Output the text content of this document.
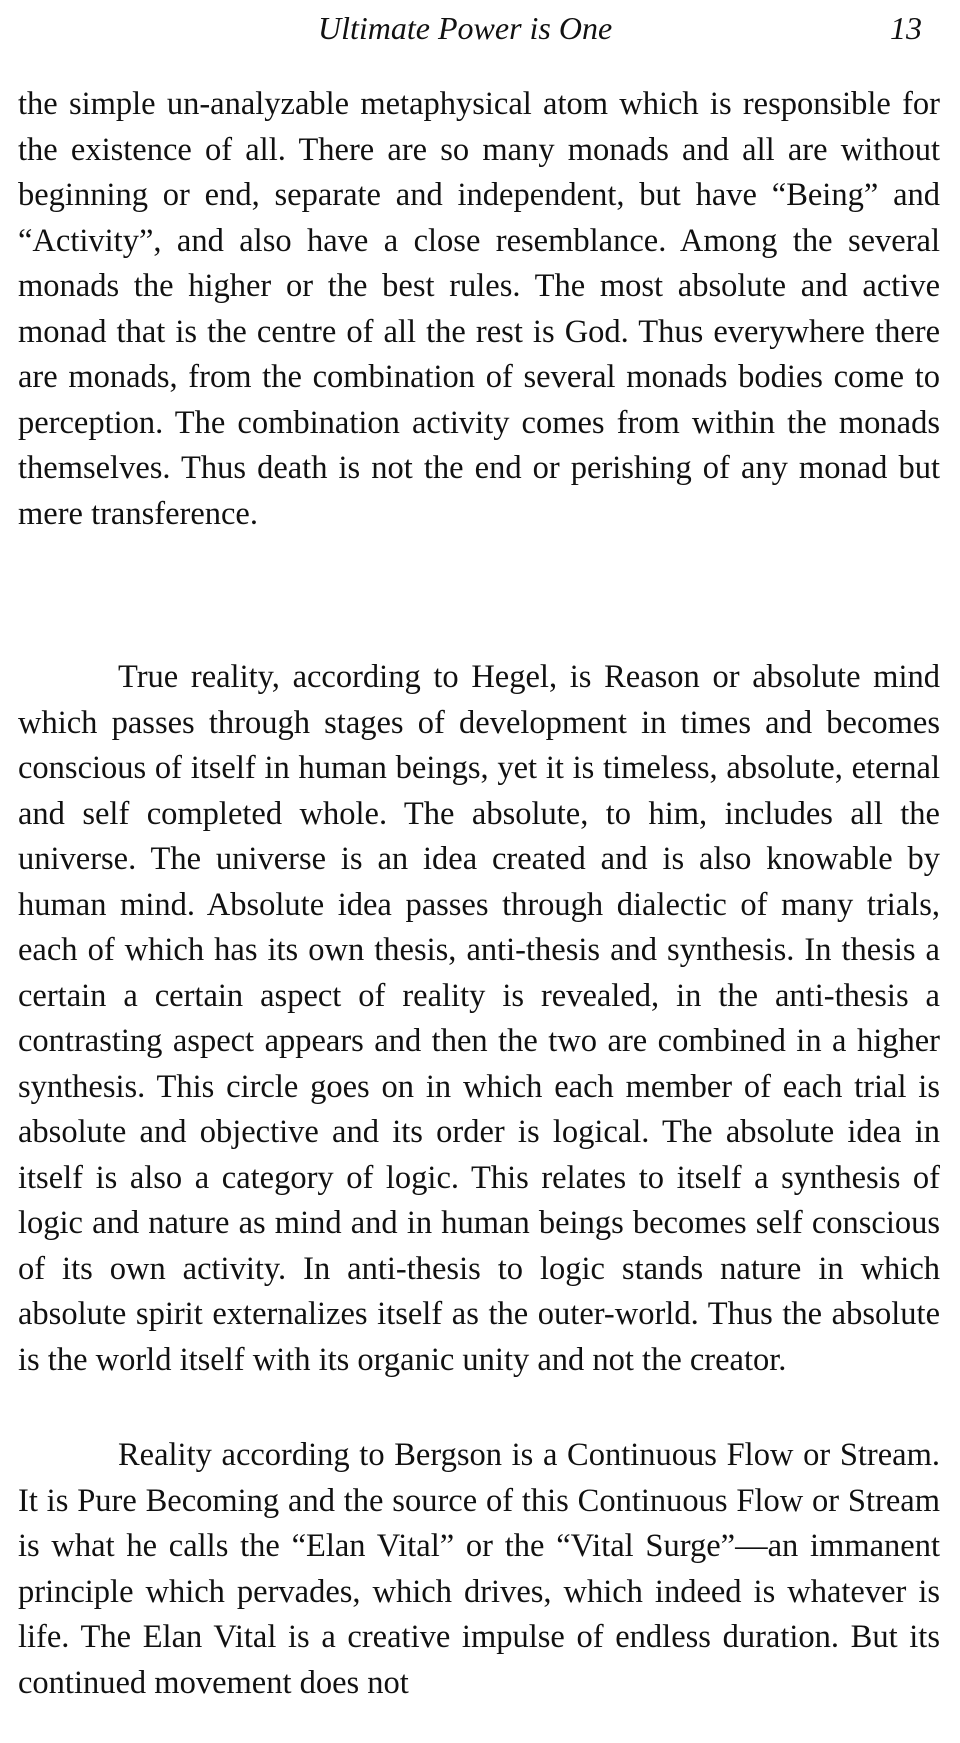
Ultimate Power is One	13

the simple un-analyzable metaphysical atom which is responsible for the existence of all. There are so many monads and all are without beginning or end, separate and independent, but have “Being” and “Activity”, and also have a close resemblance. Among the several monads the higher or the best rules. The most absolute and active monad that is the centre of all the rest is God. Thus everywhere there are monads, from the combination of several monads bodies come to perception. The combination activity comes from within the monads themselves. Thus death is not the end or perishing of any monad but mere transference.

True reality, according to Hegel, is Reason or absolute mind which passes through stages of development in times and becomes conscious of itself in human beings, yet it is timeless, absolute, eternal and self completed whole. The absolute, to him, includes all the universe. The universe is an idea created and is also knowable by human mind. Absolute idea passes through dialectic of many trials, each of which has its own thesis, anti-thesis and synthesis. In thesis a certain a certain aspect of reality is revealed, in the anti-thesis a contrasting aspect appears and then the two are combined in a higher synthesis. This circle goes on in which each member of each trial is absolute and objective and its order is logical. The absolute idea in itself is also a category of logic. This relates to itself a synthesis of logic and nature as mind and in human beings becomes self conscious of its own activity. In anti-thesis to logic stands nature in which absolute spirit externalizes itself as the outer-world. Thus the absolute is the world itself with its organic unity and not the creator.

Reality according to Bergson is a Continuous Flow or Stream. It is Pure Becoming and the source of this Continuous Flow or Stream is what he calls the “Elan Vital” or the “Vital Surge”—an immanent principle which pervades, which drives, which indeed is whatever is life. The Elan Vital is a creative impulse of endless duration. But its continued movement does not
